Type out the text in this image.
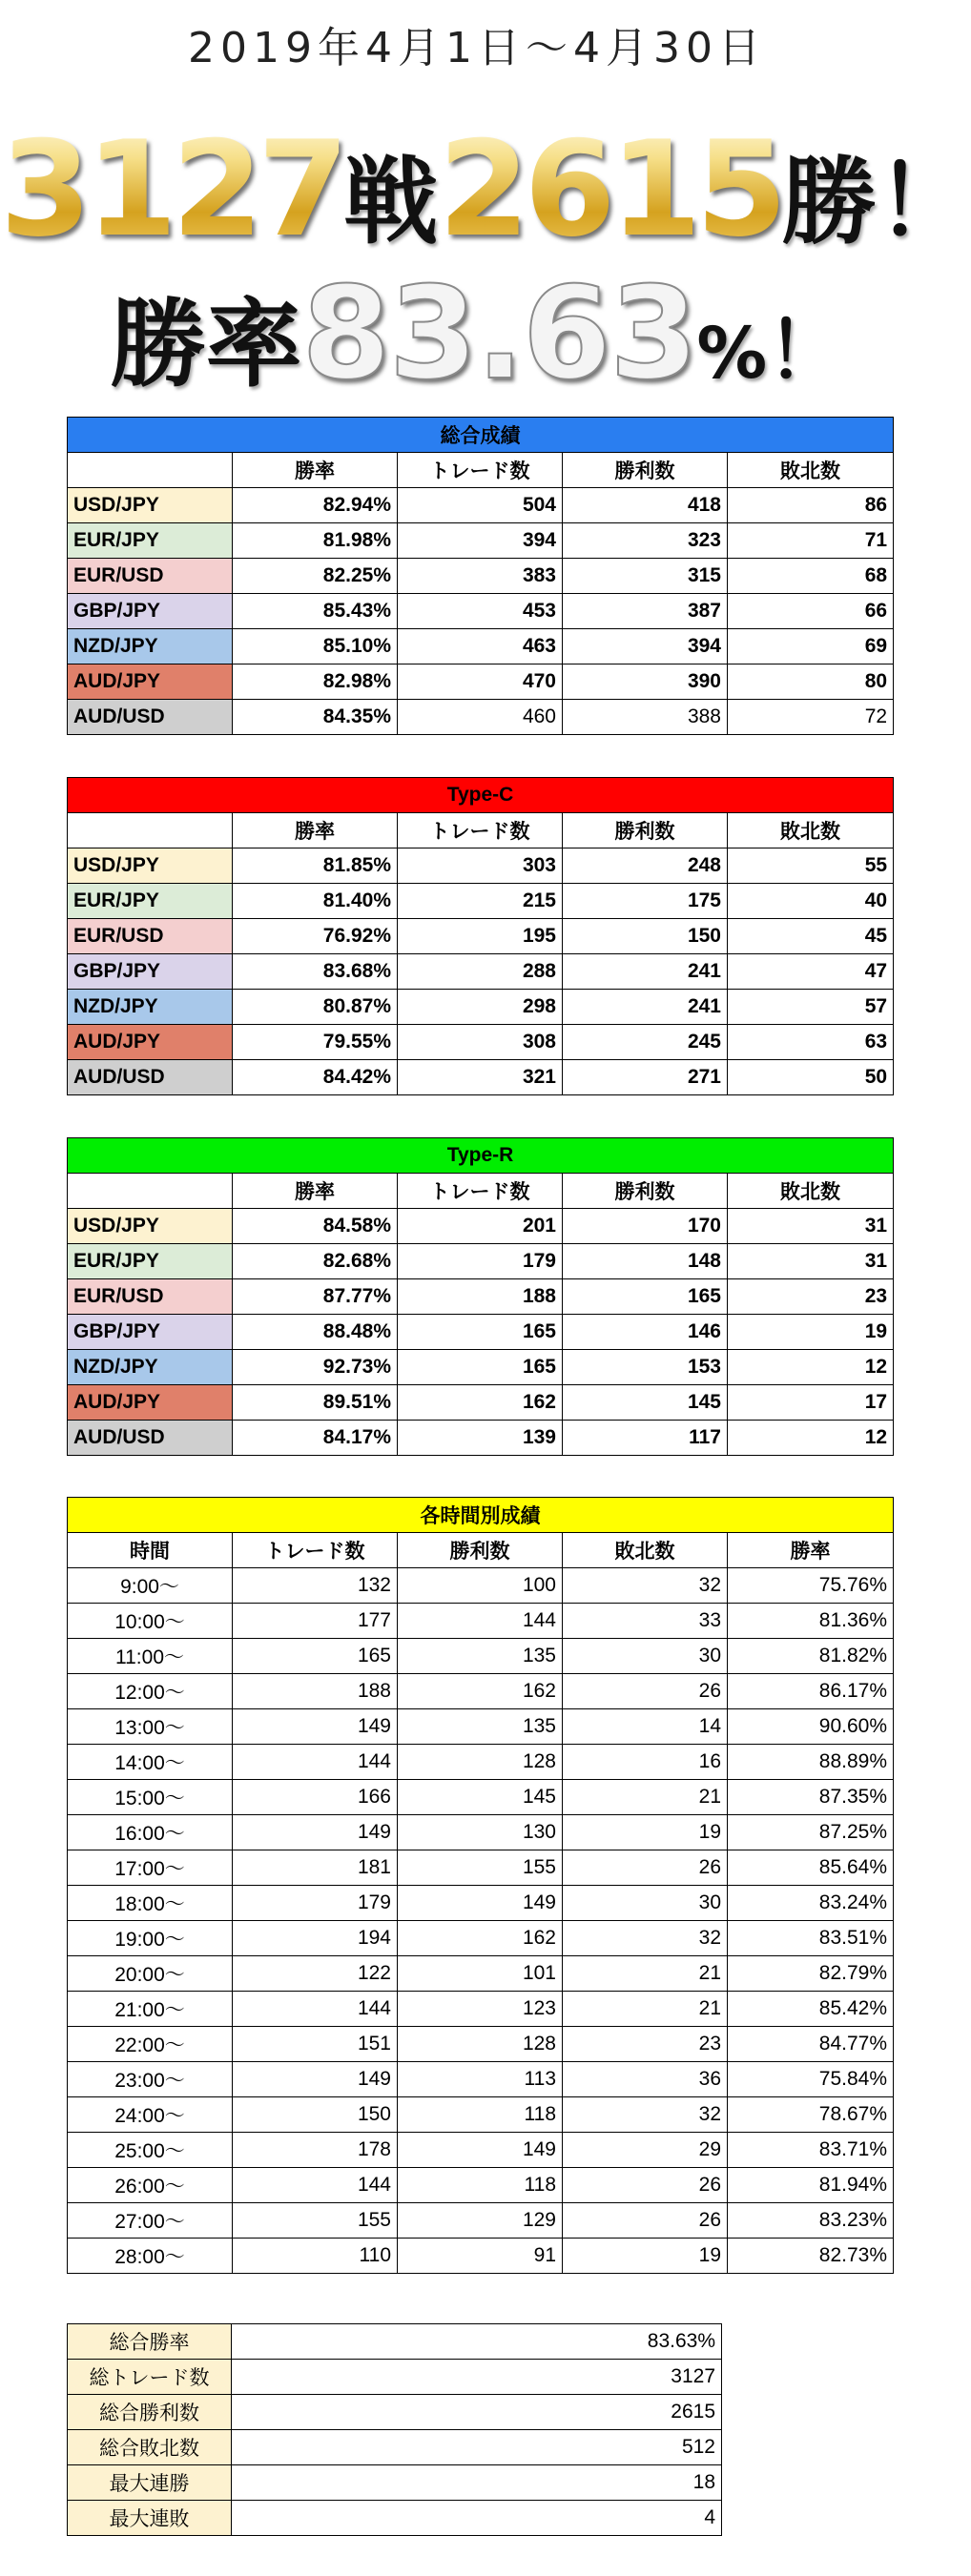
2019年4月1日～4月30日
3127戦2615勝！
勝率83.63%！
総合成績				
	勝率	トレード数	勝利数	敗北数
USD/JPY	82.94%	504	418	86
EUR/JPY	81.98%	394	323	71
EUR/USD	82.25%	383	315	68
GBP/JPY	85.43%	453	387	66
NZD/JPY	85.10%	463	394	69
AUD/JPY	82.98%	470	390	80
AUD/USD	84.35%	460	388	72
Type-C				
	勝率	トレード数	勝利数	敗北数
USD/JPY	81.85%	303	248	55
EUR/JPY	81.40%	215	175	40
EUR/USD	76.92%	195	150	45
GBP/JPY	83.68%	288	241	47
NZD/JPY	80.87%	298	241	57
AUD/JPY	79.55%	308	245	63
AUD/USD	84.42%	321	271	50
Type-R				
	勝率	トレード数	勝利数	敗北数
USD/JPY	84.58%	201	170	31
EUR/JPY	82.68%	179	148	31
EUR/USD	87.77%	188	165	23
GBP/JPY	88.48%	165	146	19
NZD/JPY	92.73%	165	153	12
AUD/JPY	89.51%	162	145	17
AUD/USD	84.17%	139	117	12
各時間別成績				
時間	トレード数	勝利数	敗北数	勝率
9:00～	132	100	32	75.76%
10:00～	177	144	33	81.36%
11:00～	165	135	30	81.82%
12:00～	188	162	26	86.17%
13:00～	149	135	14	90.60%
14:00～	144	128	16	88.89%
15:00～	166	145	21	87.35%
16:00～	149	130	19	87.25%
17:00～	181	155	26	85.64%
18:00～	179	149	30	83.24%
19:00～	194	162	32	83.51%
20:00～	122	101	21	82.79%
21:00～	144	123	21	85.42%
22:00～	151	128	23	84.77%
23:00～	149	113	36	75.84%
24:00～	150	118	32	78.67%
25:00～	178	149	29	83.71%
26:00～	144	118	26	81.94%
27:00～	155	129	26	83.23%
28:00～	110	91	19	82.73%
総合勝率	83.63%
総トレード数	3127
総合勝利数	2615
総合敗北数	512
最大連勝	18
最大連敗	4
